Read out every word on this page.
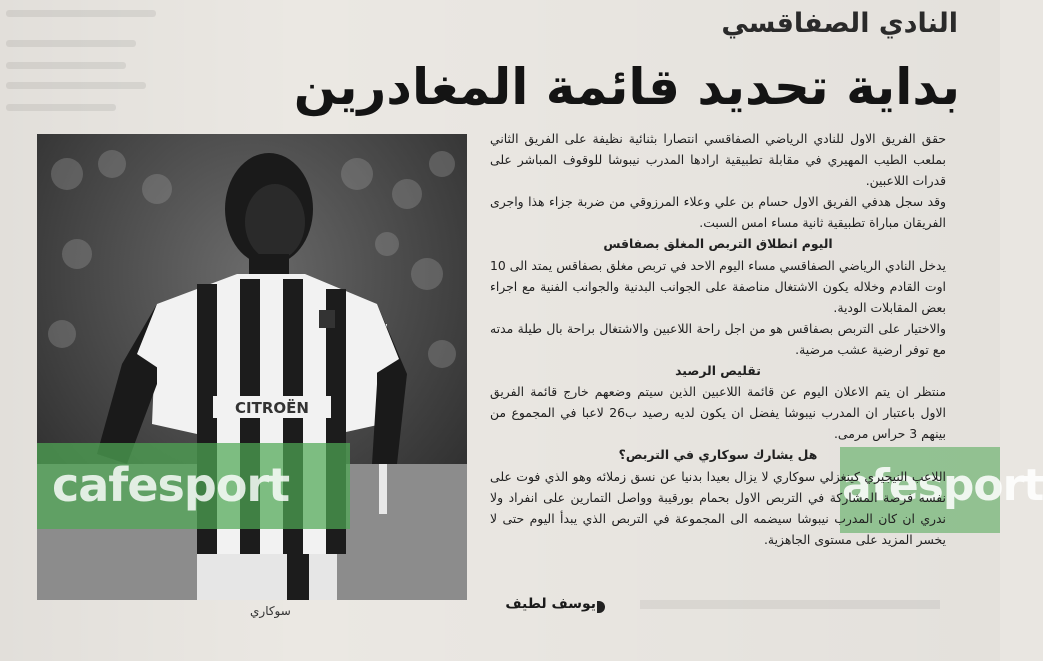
النادي الصفاقسي
بداية تحديد قائمة المغادرين
CITROËN
cafesport	afesport
سوكاري

حقق الفريق الاول للنادي الرياضي الصفاقسي انتصارا بثنائية نظيفة على الفريق الثاني بملعب الطيب المهيري في مقابلة تطبيقية ارادها المدرب نيبوشا للوقوف المباشر على قدرات اللاعبين.

وقد سجل هدفي الفريق الاول حسام بن علي وعلاء المرزوقي من ضربة جزاء هذا واجرى الفريقان مباراة تطبيقية ثانية مساء امس السبت.

اليوم انطلاق التربص المغلق بصفاقس

يدخل النادي الرياضي الصفاقسي مساء اليوم الاحد في تربص مغلق بصفاقس يمتد الى 10 اوت القادم وخلاله يكون الاشتغال مناصفة على الجوانب البدنية والجوانب الفنية مع اجراء بعض المقابلات الودية.

والاختيار على التربص بصفاقس هو من اجل راحة اللاعبين والاشتغال براحة بال طيلة مدته مع توفر ارضية عشب مرضية.

تقليص الرصيد

منتظر ان يتم الاعلان اليوم عن قائمة اللاعبين الذين سيتم وضعهم خارج قائمة الفريق الاول باعتبار ان المدرب نيبوشا يفضل ان يكون لديه رصيد ب26 لاعبا في المجموع من بينهم 3 حراس مرمى.

هل يشارك سوكاري في التربص؟

اللاعب النيجيري كينغزلي سوكاري لا يزال بعيدا بدنيا عن نسق زملائه وهو الذي فوت على نفسه فرصة المشاركة في التربص الاول بحمام بورقيبة وواصل التمارين على انفراد ولا ندري ان كان المدرب نيبوشا سيضمه الى المجموعة في التربص الذي يبدأ اليوم حتى لا يخسر المزيد على مستوى الجاهزية.

يوسف لطيف
